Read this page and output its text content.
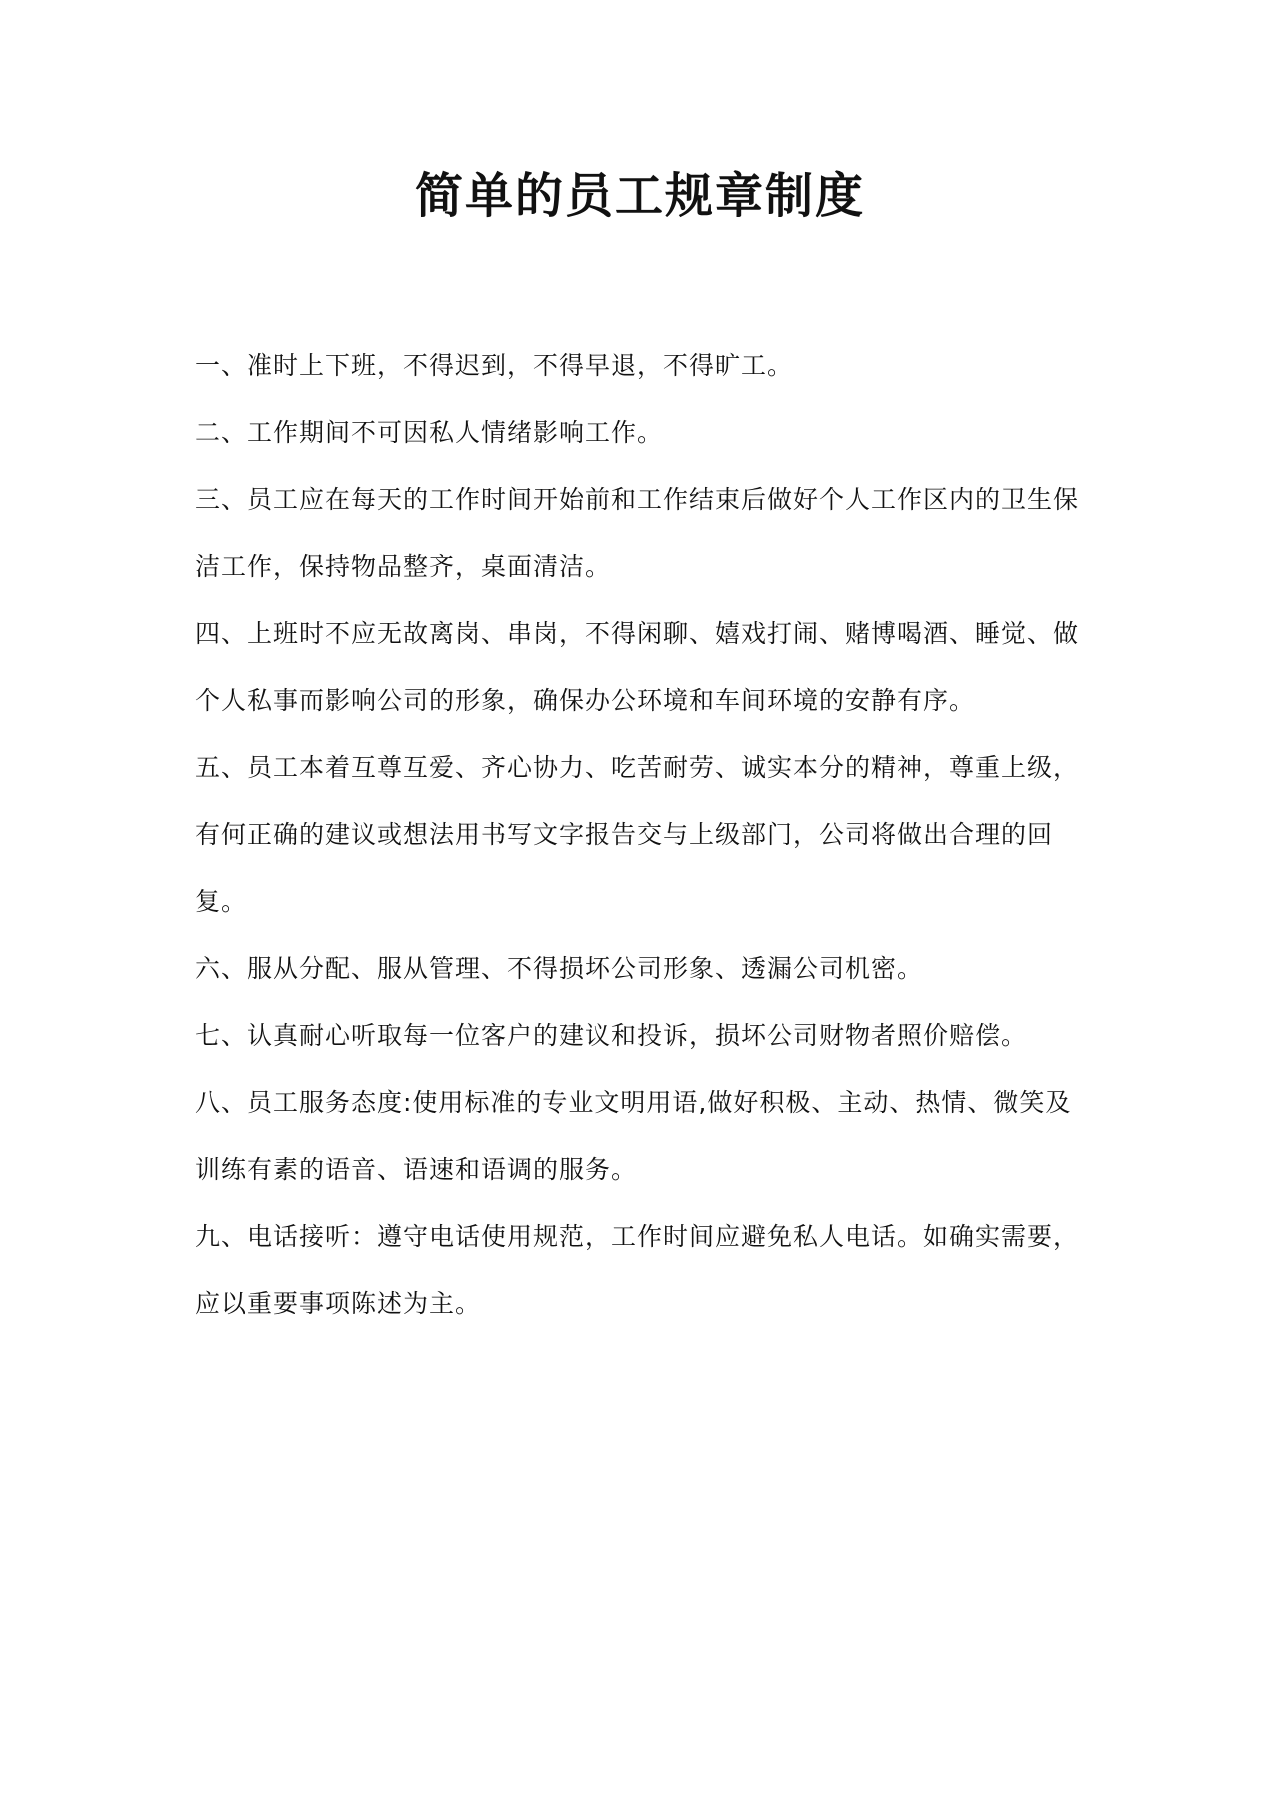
简单的员工规章制度

一、准时上下班，不得迟到，不得早退，不得旷工。

二、工作期间不可因私人情绪影响工作。

三、员工应在每天的工作时间开始前和工作结束后做好个人工作区内的卫生保洁工作，保持物品整齐，桌面清洁。

四、上班时不应无故离岗、串岗，不得闲聊、嬉戏打闹、赌博喝酒、睡觉、做个人私事而影响公司的形象，确保办公环境和车间环境的安静有序。

五、员工本着互尊互爱、齐心协力、吃苦耐劳、诚实本分的精神，尊重上级，有何正确的建议或想法用书写文字报告交与上级部门，公司将做出合理的回复。

六、服从分配、服从管理、不得损坏公司形象、透漏公司机密。

七、认真耐心听取每一位客户的建议和投诉，损坏公司财物者照价赔偿。

八、员工服务态度:使用标准的专业文明用语,做好积极、主动、热情、微笑及训练有素的语音、语速和语调的服务。

九、电话接听：遵守电话使用规范，工作时间应避免私人电话。如确实需要，应以重要事项陈述为主。
